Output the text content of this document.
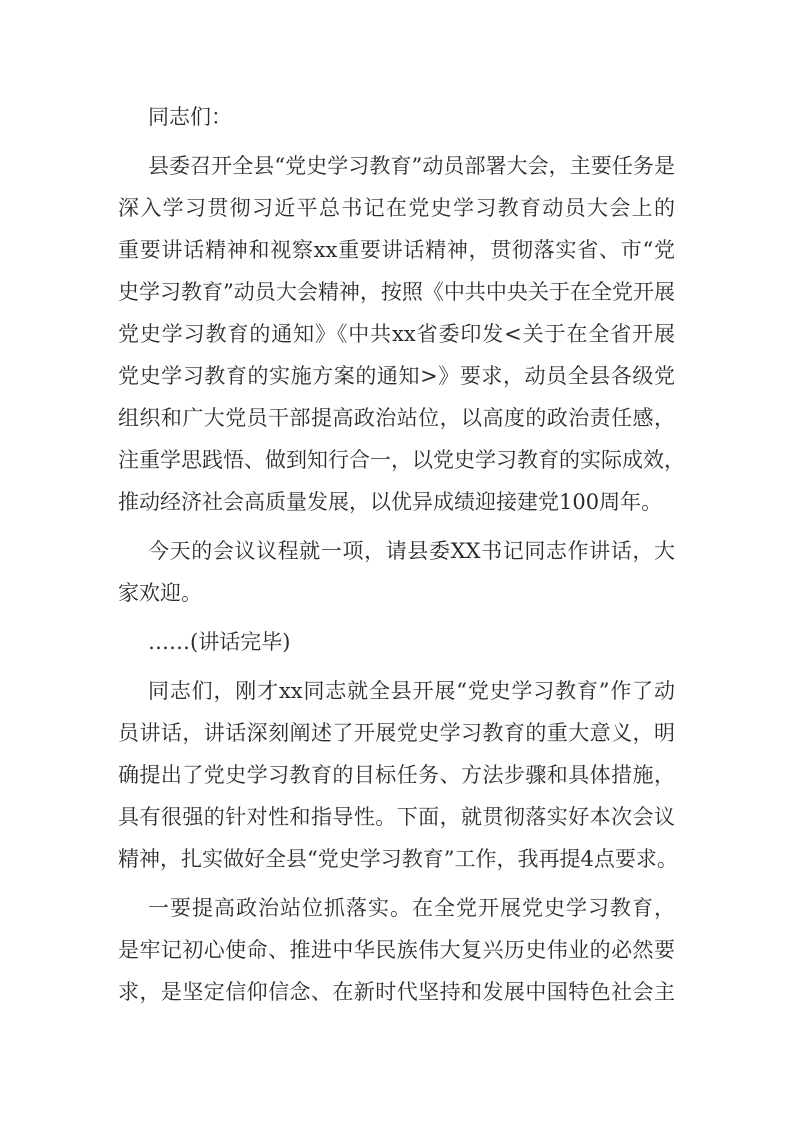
同志们：
县委召开全县“党史学习教育”动员部署大会，主要任务是
深入学习贯彻习近平总书记在党史学习教育动员大会上的
重要讲话精神和视察xx重要讲话精神，贯彻落实省、市“党
史学习教育”动员大会精神，按照《中共中央关于在全党开展
党史学习教育的通知》《中共xx省委印发<关于在全省开展
党史学习教育的实施方案的通知>》要求，动员全县各级党
组织和广大党员干部提高政治站位，以高度的政治责任感，
注重学思践悟、做到知行合一，以党史学习教育的实际成效，
推动经济社会高质量发展，以优异成绩迎接建党100周年。
今天的会议议程就一项，请县委XX书记同志作讲话，大
家欢迎。
……(讲话完毕)
同志们，刚才xx同志就全县开展“党史学习教育”作了动
员讲话，讲话深刻阐述了开展党史学习教育的重大意义，明
确提出了党史学习教育的目标任务、方法步骤和具体措施，
具有很强的针对性和指导性。下面，就贯彻落实好本次会议
精神，扎实做好全县“党史学习教育”工作，我再提4点要求。
一要提高政治站位抓落实。在全党开展党史学习教育，
是牢记初心使命、推进中华民族伟大复兴历史伟业的必然要
求，是坚定信仰信念、在新时代坚持和发展中国特色社会主
